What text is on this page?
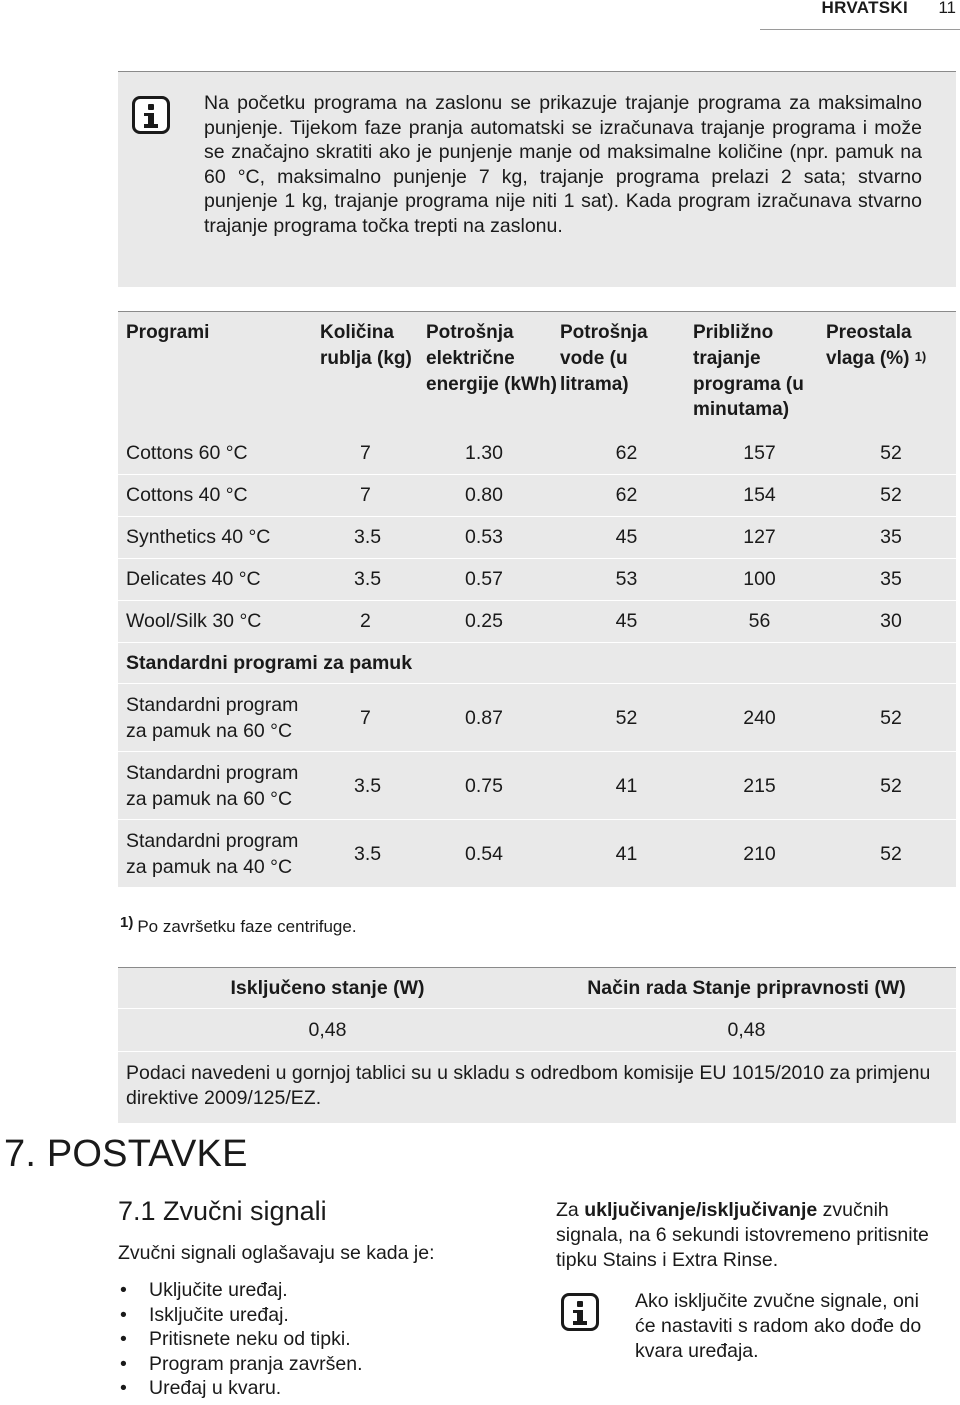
HRVATSKI 11
Na početku programa na zaslonu se prikazuje trajanje programa za maksimalno punjenje. Tijekom faze pranja automatski se izračunava trajanje programa i može se značajno skratiti ako je punjenje manje od maksimalne količine (npr. pamuk na 60 °C, maksimalno punjenje 7 kg, trajanje programa prelazi 2 sata; stvarno punjenje 1 kg, trajanje programa nije niti 1 sat). Kada program izračunava stvarno trajanje programa točka trepti na zaslonu.
Programi	Količina rublja (kg)	Potrošnja električne energije (kWh)	Potrošnja vode (u litrama)	Približno trajanje programa (u minutama)	Preostala vlaga (%) $^{1)}$
Cottons 60 °C	7	1.30	62	157	52
Cottons 40 °C	7	0.80	62	154	52
Synthetics 40 °C	3.5	0.53	45	127	35
Delicates 40 °C	3.5	0.57	53	100	35
Wool/Silk 30 °C	2	0.25	45	56	30
Standardni programi za pamuk					
Standardni program za pamuk na 60 °C	7	0.87	52	240	52
Standardni program za pamuk na 60 °C	3.5	0.75	41	215	52
Standardni program za pamuk na 40 °C	3.5	0.54	41	210	52
1) Po završetku faze centrifuge.
Isključeno stanje (W)	Način rada Stanje pripravnosti (W)
0,48	0,48
Podaci navedeni u gornjoj tablici su u skladu s odredbom komisije EU 1015/2010 za primjenu direktive 2009/125/EZ.	
7. POSTAVKE
7.1 Zvučni signali
Zvučni signali oglašavaju se kada je:
• Uključite uređaj.
• Isključite uređaj.
• Pritisnete neku od tipki.
• Program pranja završen.
• Uređaj u kvaru.
Za uključivanje/isključivanje zvučnih signala, na 6 sekundi istovremeno pritisnite tipku Stains i Extra Rinse.
Ako isključite zvučne signale, oni će nastaviti s radom ako dođe do kvara uređaja.
